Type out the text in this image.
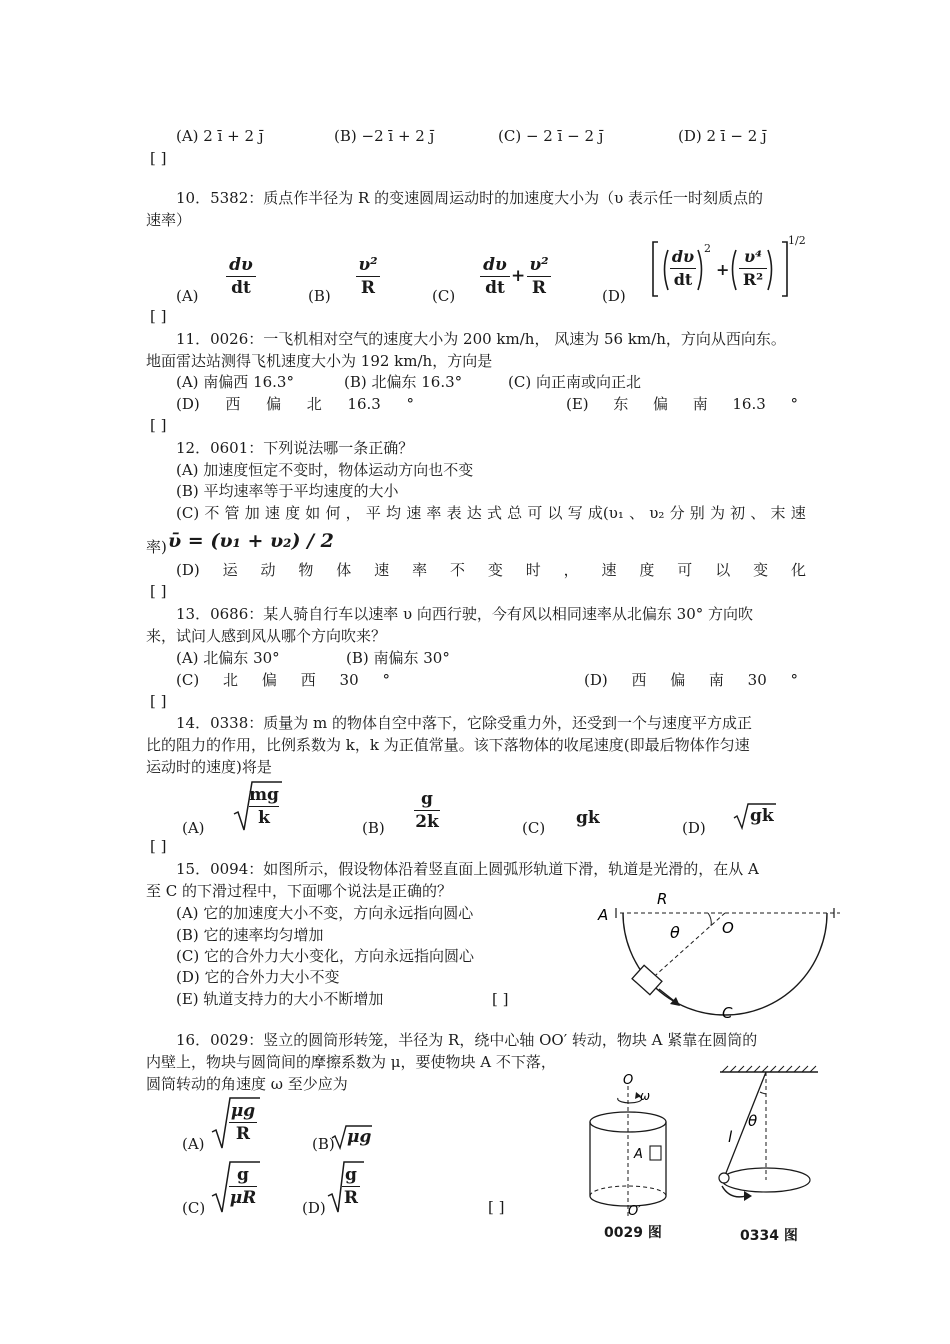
(A) 2 ī + 2 j̄	(B) −2 ī + 2 j̄	(C) − 2 ī − 2 j̄	(D) 2 ī − 2 j̄
[ ]
10．5382：质点作半径为 R 的变速圆周运动时的加速度大小为（υ 表示任一时刻质点的
速率）
(A)
dυ
dt	(B)
υ²
R	(C)
dυ
dt
+
υ²
R	(D)
dυ
dt
2
+
υ⁴
R²
1/2
[ ]
11．0026：一飞机相对空气的速度大小为 200 km/h， 风速为 56 km/h，方向从西向东。
地面雷达站测得飞机速度大小为 192 km/h，方向是
(A) 南偏西 16.3°	(B) 北偏东 16.3°	(C) 向正南或向正北
(D) 西 偏 北 16.3 °	(E) 东 偏 南 16.3 °
[ ]
12．0601：下列说法哪一条正确？
(A) 加速度恒定不变时，物体运动方向也不变
(B) 平均速率等于平均速度的大小
(C) 不 管 加 速 度 如 何 ， 平 均 速 率 表 达 式 总 可 以 写 成(υ₁ 、 υ₂ 分 别 为 初 、 末 速
率) ῡ = (υ₁ + υ₂) / 2
(D) 运 动 物 体 速 率 不 变 时 ， 速 度 可 以 变 化
[ ]
13．0686：某人骑自行车以速率 υ 向西行驶，今有风以相同速率从北偏东 30° 方向吹
来，试问人感到风从哪个方向吹来？
(A) 北偏东 30°	(B) 南偏东 30°
(C) 北 偏 西 30 °	(D) 西 偏 南 30 °
[ ]
14．0338：质量为 m 的物体自空中落下，它除受重力外，还受到一个与速度平方成正
比的阻力的作用，比例系数为 k，k 为正值常量。该下落物体的收尾速度(即最后物体作匀速
运动时的速度)将是
(A)
mg
k	(B)
g
2k	(C) gk	(D)
gk
[ ]
15．0094：如图所示，假设物体沿着竖直面上圆弧形轨道下滑，轨道是光滑的，在从 A
至 C 的下滑过程中，下面哪个说法是正确的？
(A) 它的加速度大小不变，方向永远指向圆心
(B) 它的速率均匀增加
(C) 它的合外力大小变化，方向永远指向圆心
(D) 它的合外力大小不变
(E) 轨道支持力的大小不断增加	[ ]
R
A
O
θ
C
16．0029：竖立的圆筒形转笼，半径为 R，绕中心轴 OO′ 转动，物块 A 紧靠在圆筒的
内壁上，物块与圆筒间的摩擦系数为 μ，要使物块 A 不下落，
圆筒转动的角速度 ω 至少应为
(A)
μg
R	(B) μg
(C)
g
μR	(D)
g
R	[ ]
O
ω
A
O′
0029 图
l
θ
0334 图
